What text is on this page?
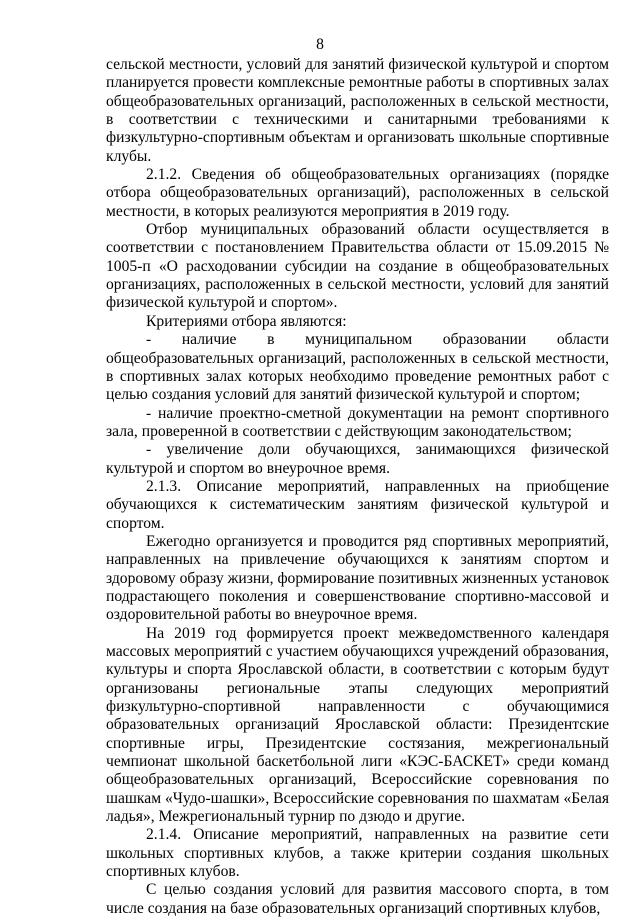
8

сельской местности, условий для занятий физической культурой и спортом планируется провести комплексные ремонтные работы в спортивных залах общеобразовательных организаций, расположенных в сельской местности, в соответствии с техническими и санитарными требованиями к физкультурно-спортивным объектам и организовать школьные спортивные клубы.

2.1.2. Сведения об общеобразовательных организациях (порядке отбора общеобразовательных организаций), расположенных в сельской местности, в которых реализуются мероприятия в 2019 году.

Отбор муниципальных образований области осуществляется в соответствии с постановлением Правительства области от 15.09.2015 № 1005-п «О расходовании субсидии на создание в общеобразовательных организациях, расположенных в сельской местности, условий для занятий физической культурой и спортом».

Критериями отбора являются:

- наличие в муниципальном образовании области общеобразовательных организаций, расположенных в сельской местности, в спортивных залах которых необходимо проведение ремонтных работ с целью создания условий для занятий физической культурой и спортом;

- наличие проектно-сметной документации на ремонт спортивного зала, проверенной в соответствии с действующим законодательством;

- увеличение доли обучающихся, занимающихся физической культурой и спортом во внеурочное время.

2.1.3. Описание мероприятий, направленных на приобщение обучающихся к систематическим занятиям физической культурой и спортом.

Ежегодно организуется и проводится ряд спортивных мероприятий, направленных на привлечение обучающихся к занятиям спортом и здоровому образу жизни, формирование позитивных жизненных установок подрастающего поколения и совершенствование спортивно-массовой и оздоровительной работы во внеурочное время.

На 2019 год формируется проект межведомственного календаря массовых мероприятий с участием обучающихся учреждений образования, культуры и спорта Ярославской области, в соответствии с которым будут организованы региональные этапы следующих мероприятий физкультурно-спортивной направленности с обучающимися образовательных организаций Ярославской области: Президентские спортивные игры, Президентские состязания, межрегиональный чемпионат школьной баскетбольной лиги «КЭС-БАСКЕТ» среди команд общеобразовательных организаций, Всероссийские соревнования по шашкам «Чудо-шашки», Всероссийские соревнования по шахматам «Белая ладья», Межрегиональный турнир по дзюдо и другие.

2.1.4. Описание мероприятий, направленных на развитие сети школьных спортивных клубов, а также критерии создания школьных спортивных клубов.

С целью создания условий для развития массового спорта, в том числе создания на базе образовательных организаций спортивных клубов,
